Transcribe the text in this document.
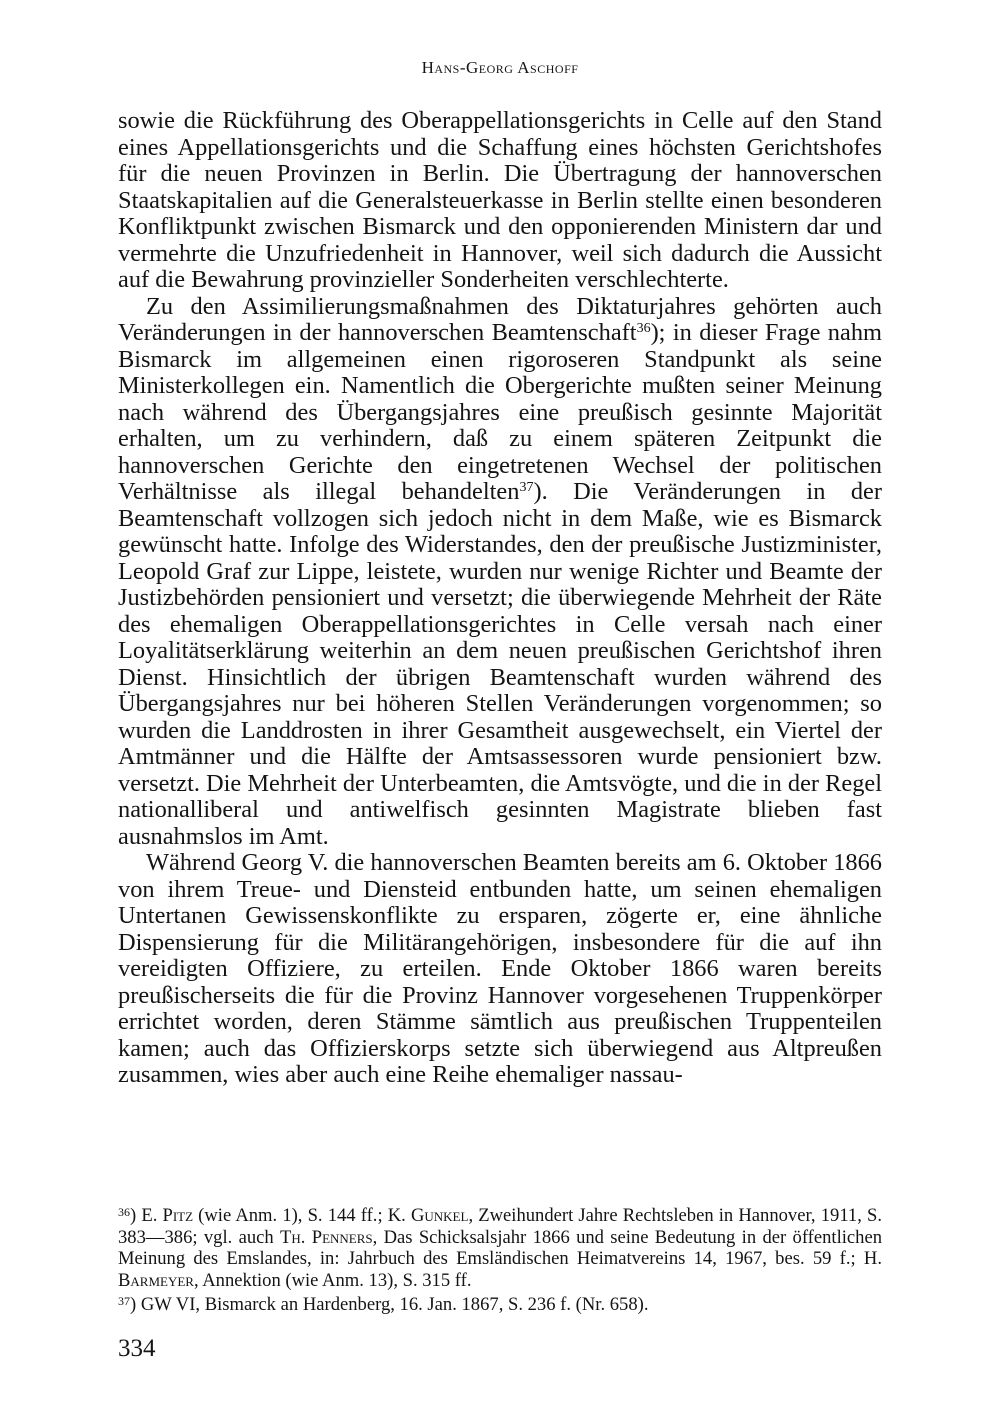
Hans-Georg Aschoff

sowie die Rückführung des Oberappellationsgerichts in Celle auf den Stand eines Appellationsgerichts und die Schaffung eines höchsten Gerichtshofes für die neuen Provinzen in Berlin. Die Übertragung der hannoverschen Staatskapitalien auf die Generalsteuerkasse in Berlin stellte einen besonderen Konfliktpunkt zwischen Bismarck und den opponierenden Ministern dar und vermehrte die Unzufriedenheit in Hannover, weil sich dadurch die Aussicht auf die Bewahrung provinzieller Sonderheiten verschlechterte.

Zu den Assimilierungsmaßnahmen des Diktaturjahres gehörten auch Veränderungen in der hannoverschen Beamtenschaft$^{36}$); in dieser Frage nahm Bismarck im allgemeinen einen rigoroseren Standpunkt als seine Ministerkollegen ein. Namentlich die Obergerichte mußten seiner Meinung nach während des Übergangsjahres eine preußisch gesinnte Majorität erhalten, um zu verhindern, daß zu einem späteren Zeitpunkt die hannoverschen Gerichte den eingetretenen Wechsel der politischen Verhältnisse als illegal behandelten$^{37}$). Die Veränderungen in der Beamtenschaft vollzogen sich jedoch nicht in dem Maße, wie es Bismarck gewünscht hatte. Infolge des Widerstandes, den der preußische Justizminister, Leopold Graf zur Lippe, leistete, wurden nur wenige Richter und Beamte der Justizbehörden pensioniert und versetzt; die überwiegende Mehrheit der Räte des ehemaligen Oberappellationsgerichtes in Celle versah nach einer Loyalitätserklärung weiterhin an dem neuen preußischen Gerichtshof ihren Dienst. Hinsichtlich der übrigen Beamtenschaft wurden während des Übergangsjahres nur bei höheren Stellen Veränderungen vorgenommen; so wurden die Landdrosten in ihrer Gesamtheit ausgewechselt, ein Viertel der Amtmänner und die Hälfte der Amtsassessoren wurde pensioniert bzw. versetzt. Die Mehrheit der Unterbeamten, die Amtsvögte, und die in der Regel nationalliberal und antiwelfisch gesinnten Magistrate blieben fast ausnahmslos im Amt.

Während Georg V. die hannoverschen Beamten bereits am 6. Oktober 1866 von ihrem Treue- und Diensteid entbunden hatte, um seinen ehemaligen Untertanen Gewissenskonflikte zu ersparen, zögerte er, eine ähnliche Dispensierung für die Militärangehörigen, insbesondere für die auf ihn vereidigten Offiziere, zu erteilen. Ende Oktober 1866 waren bereits preußischerseits die für die Provinz Hannover vorgesehenen Truppenkörper errichtet worden, deren Stämme sämtlich aus preußischen Truppenteilen kamen; auch das Offizierskorps setzte sich überwiegend aus Altpreußen zusammen, wies aber auch eine Reihe ehemaliger nassau-

$^{36}$) E. Pitz (wie Anm. 1), S. 144 ff.; K. Gunkel, Zweihundert Jahre Rechtsleben in Hannover, 1911, S. 383—386; vgl. auch Th. Penners, Das Schicksalsjahr 1866 und seine Bedeutung in der öffentlichen Meinung des Emslandes, in: Jahrbuch des Emsländischen Heimatvereins 14, 1967, bes. 59 f.; H. Barmeyer, Annektion (wie Anm. 13), S. 315 ff.

$^{37}$) GW VI, Bismarck an Hardenberg, 16. Jan. 1867, S. 236 f. (Nr. 658).

334
